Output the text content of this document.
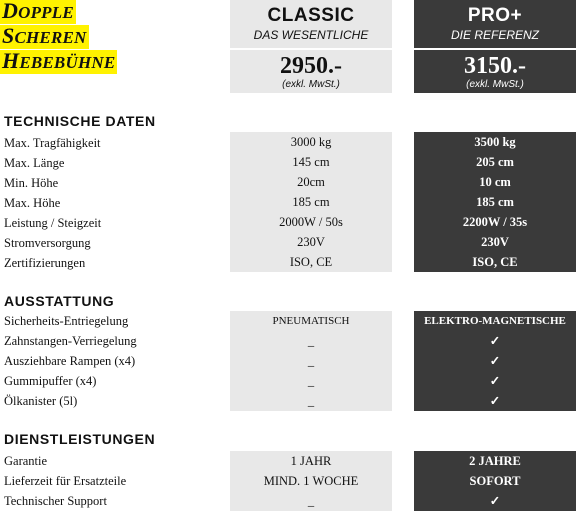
DOPPLE
SCHEREN
HEBEBÜHNE
CLASSIC
DAS WESENTLICHE
PRO+
DIE REFERENZ
2950.-
(exkl. MwSt.)
3150.-
(exkl. MwSt.)
TECHNISCHE DATEN
AUSSTATTUNG
DIENSTLEISTUNGEN
Max. Tragfähigkeit
Max. Länge
Min. Höhe
Max. Höhe
Leistung / Steigzeit
Stromversorgung
Zertifizierungen
3000 kg
145 cm
20cm
185 cm
2000W / 50s
230V
ISO, CE
3500 kg
205 cm
10 cm
185 cm
2200W / 35s
230V
ISO, CE
Sicherheits-Entriegelung
Zahnstangen-Verriegelung
Ausziehbare Rampen (x4)
Gummipuffer (x4)
Ölkanister (5l)
PNEUMATISCH
_
_
_
_
ELEKTRO-MAGNETISCHE
✓
✓
✓
✓
Garantie
Lieferzeit für Ersatzteile
Technischer Support
1 JAHR
MIND. 1 WOCHE
_
2 JAHRE
SOFORT
✓
